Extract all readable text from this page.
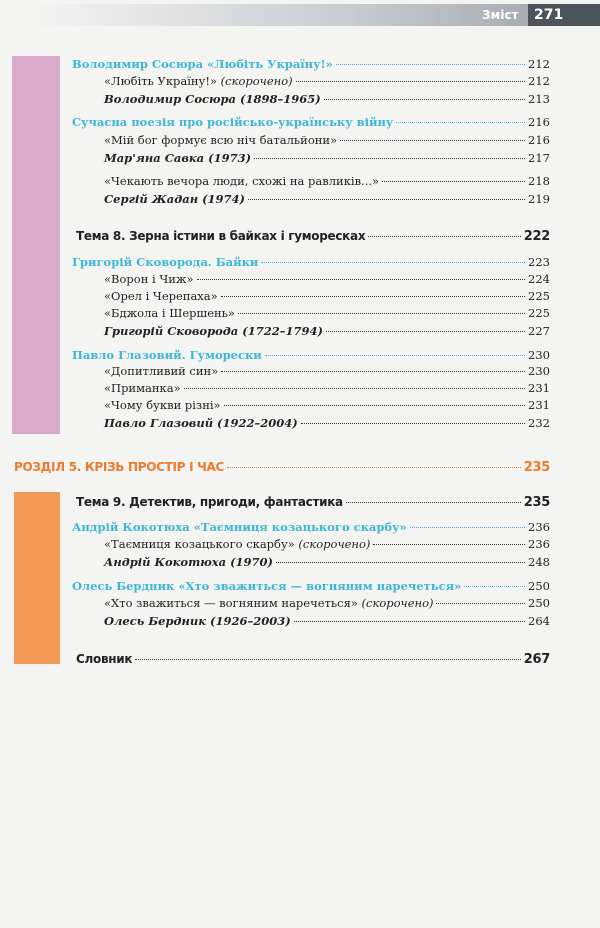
Зміст	271
Володимир Сосюра «Любіть Україну!»	212
«Любіть Україну!» (скорочено)	212
Володимир Сосюра (1898–1965)	213
Сучасна поезія про російсько-українську війну	216
«Мій бог формує всю ніч батальйони»	216
Мар'яна Савка (1973)	217
«Чекають вечора люди, схожі на равликів...»	218
Сергій Жадан (1974)	219
Тема 8. Зерна істини в байках і гуморесках	222
Григорій Сковорода. Байки	223
«Ворон і Чиж»	224
«Орел і Черепаха»	225
«Бджола і Шершень»	225
Григорій Сковорода (1722–1794)	227
Павло Глазовий. Гуморески	230
«Допитливий син»	230
«Приманка»	231
«Чому букви різні»	231
Павло Глазовий (1922–2004)	232
РОЗДІЛ 5. КРІЗЬ ПРОСТІР І ЧАС	235
Тема 9. Детектив, пригоди, фантастика	235
Андрій Кокотюха «Таємниця козацького скарбу»	236
«Таємниця козацького скарбу» (скорочено)	236
Андрій Кокотюха (1970)	248
Олесь Бердник «Хто зважиться — вогняним наречеться»	250
«Хто зважиться — вогняним наречеться» (скорочено)	250
Олесь Бердник (1926–2003)	264
Словник	267
